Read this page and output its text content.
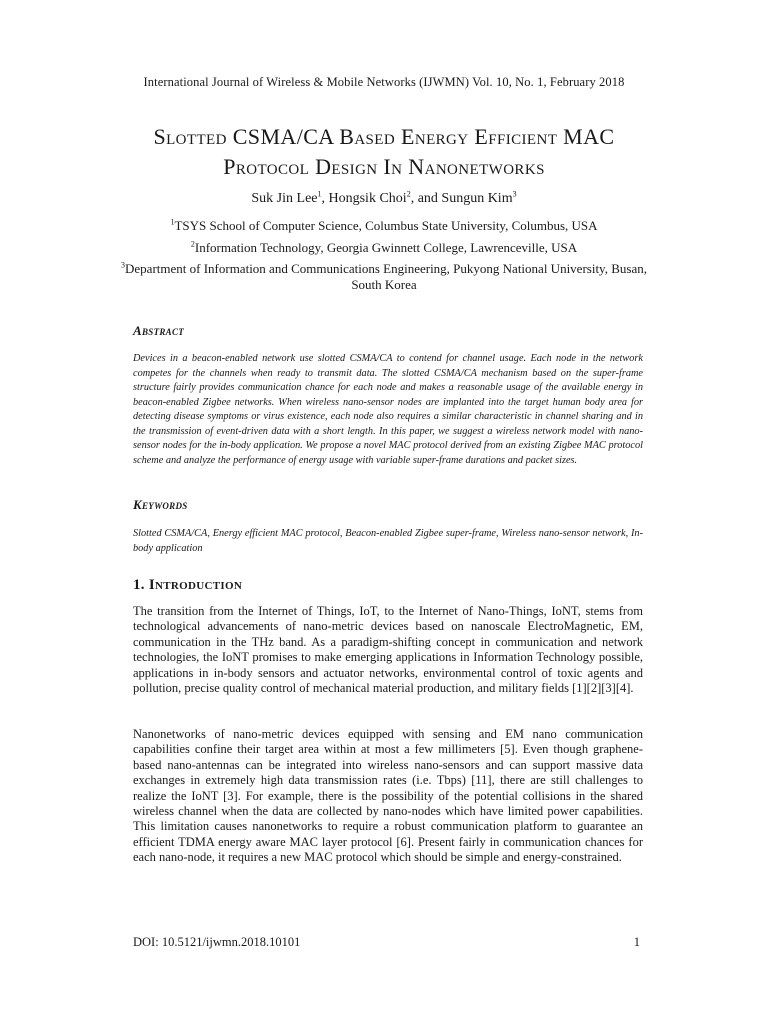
International Journal of Wireless & Mobile Networks (IJWMN) Vol. 10, No. 1, February 2018
Slotted CSMA/CA Based Energy Efficient MAC
Protocol Design In Nanonetworks
Suk Jin Lee$^1$, Hongsik Choi$^2$, and Sungun Kim$^3$
$^1$TSYS School of Computer Science, Columbus State University, Columbus, USA
$^2$Information Technology, Georgia Gwinnett College, Lawrenceville, USA
$^3$Department of Information and Communications Engineering, Pukyong National University, Busan, South Korea
Abstract
Devices in a beacon-enabled network use slotted CSMA/CA to contend for channel usage. Each node in the network competes for the channels when ready to transmit data. The slotted CSMA/CA mechanism based on the super-frame structure fairly provides communication chance for each node and makes a reasonable usage of the available energy in beacon-enabled Zigbee networks. When wireless nano-sensor nodes are implanted into the target human body area for detecting disease symptoms or virus existence, each node also requires a similar characteristic in channel sharing and in the transmission of event-driven data with a short length. In this paper, we suggest a wireless network model with nano-sensor nodes for the in-body application. We propose a novel MAC protocol derived from an existing Zigbee MAC protocol scheme and analyze the performance of energy usage with variable super-frame durations and packet sizes.
Keywords
Slotted CSMA/CA, Energy efficient MAC protocol, Beacon-enabled Zigbee super-frame, Wireless nano-sensor network, In-body application
1. Introduction
The transition from the Internet of Things, IoT, to the Internet of Nano-Things, IoNT, stems from technological advancements of nano-metric devices based on nanoscale ElectroMagnetic, EM, communication in the THz band. As a paradigm-shifting concept in communication and network technologies, the IoNT promises to make emerging applications in Information Technology possible, applications in in-body sensors and actuator networks, environmental control of toxic agents and pollution, precise quality control of mechanical material production, and military fields [1][2][3][4].
Nanonetworks of nano-metric devices equipped with sensing and EM nano communication capabilities confine their target area within at most a few millimeters [5]. Even though graphene-based nano-antennas can be integrated into wireless nano-sensors and can support massive data exchanges in extremely high data transmission rates (i.e. Tbps) [11], there are still challenges to realize the IoNT [3]. For example, there is the possibility of the potential collisions in the shared wireless channel when the data are collected by nano-nodes which have limited power capabilities. This limitation causes nanonetworks to require a robust communication platform to guarantee an efficient TDMA energy aware MAC layer protocol [6]. Present fairly in communication chances for each nano-node, it requires a new MAC protocol which should be simple and energy-constrained.
DOI: 10.5121/ijwmn.2018.10101	1
